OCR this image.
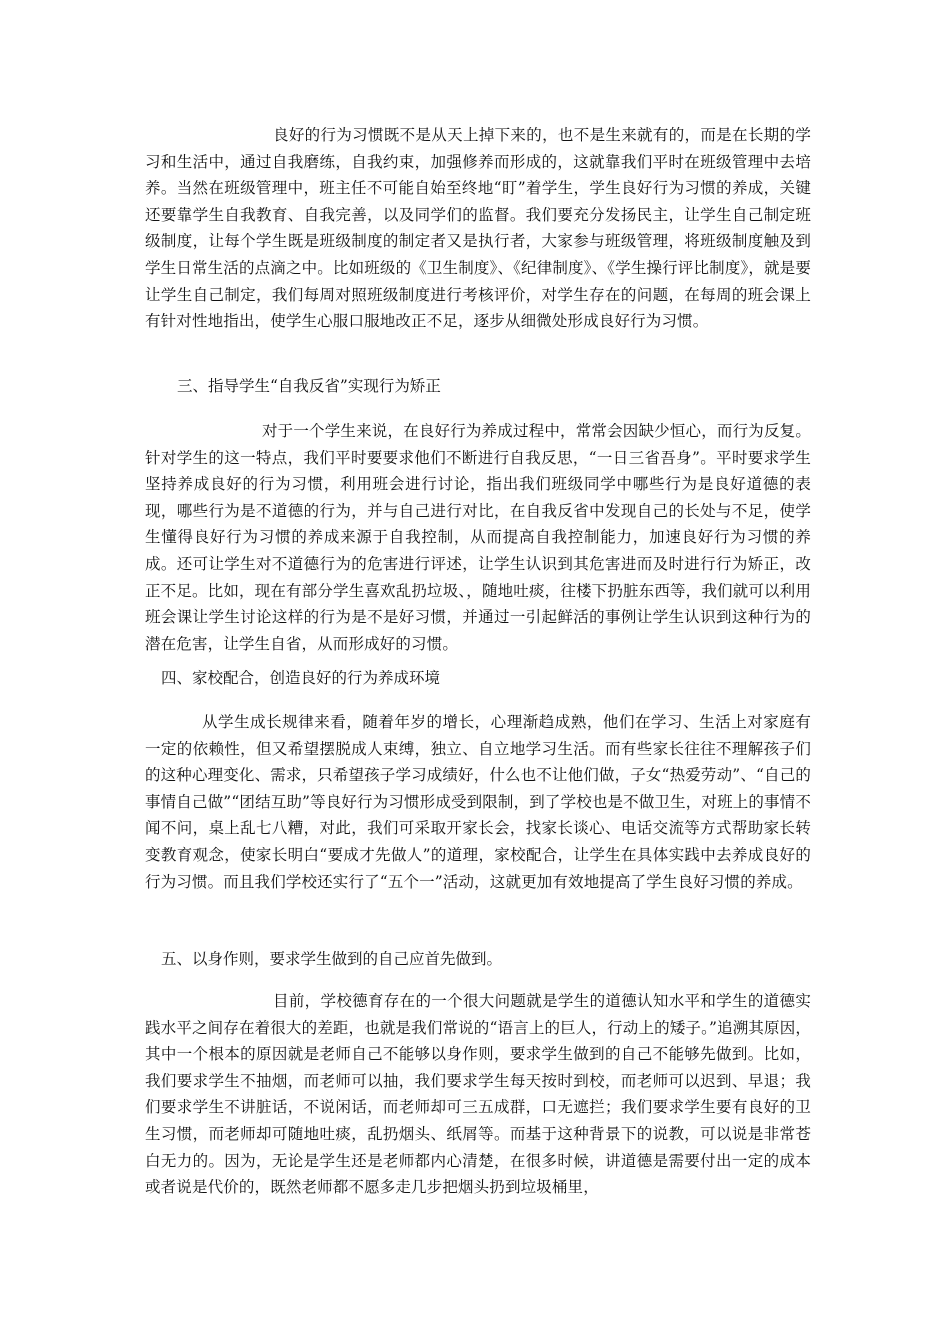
良好的行为习惯既不是从天上掉下来的，也不是生来就有的，而是在长期的学习和生活中，通过自我磨练，自我约束，加强修养而形成的，这就靠我们平时在班级管理中去培养。当然在班级管理中，班主任不可能自始至终地“盯”着学生，学生良好行为习惯的养成，关键还要靠学生自我教育、自我完善，以及同学们的监督。我们要充分发扬民主，让学生自己制定班级制度，让每个学生既是班级制度的制定者又是执行者，大家参与班级管理，将班级制度触及到学生日常生活的点滴之中。比如班级的《卫生制度》、《纪律制度》、《学生操行评比制度》，就是要让学生自己制定，我们每周对照班级制度进行考核评价，对学生存在的问题，在每周的班会课上有针对性地指出，使学生心服口服地改正不足，逐步从细微处形成良好行为习惯。

三、指导学生“自我反省”实现行为矫正

对于一个学生来说，在良好行为养成过程中，常常会因缺少恒心，而行为反复。针对学生的这一特点，我们平时要要求他们不断进行自我反思，“一日三省吾身”。平时要求学生坚持养成良好的行为习惯，利用班会进行讨论，指出我们班级同学中哪些行为是良好道德的表现，哪些行为是不道德的行为，并与自己进行对比，在自我反省中发现自己的长处与不足，使学生懂得良好行为习惯的养成来源于自我控制，从而提高自我控制能力，加速良好行为习惯的养成。还可让学生对不道德行为的危害进行评述，让学生认识到其危害进而及时进行行为矫正，改正不足。比如，现在有部分学生喜欢乱扔垃圾、，随地吐痰，往楼下扔脏东西等，我们就可以利用班会课让学生讨论这样的行为是不是好习惯，并通过一引起鲜活的事例让学生认识到这种行为的潜在危害，让学生自省，从而形成好的习惯。

四、家校配合，创造良好的行为养成环境

从学生成长规律来看，随着年岁的增长，心理渐趋成熟，他们在学习、生活上对家庭有一定的依赖性，但又希望摆脱成人束缚，独立、自立地学习生活。而有些家长往往不理解孩子们的这种心理变化、需求，只希望孩子学习成绩好，什么也不让他们做，子女“热爱劳动”、“自己的事情自己做”“团结互助”等良好行为习惯形成受到限制，到了学校也是不做卫生，对班上的事情不闻不问，桌上乱七八糟，对此，我们可采取开家长会，找家长谈心、电话交流等方式帮助家长转变教育观念，使家长明白“要成才先做人”的道理，家校配合，让学生在具体实践中去养成良好的行为习惯。而且我们学校还实行了“五个一”活动，这就更加有效地提高了学生良好习惯的养成。

五、以身作则，要求学生做到的自己应首先做到。

目前，学校德育存在的一个很大问题就是学生的道德认知水平和学生的道德实践水平之间存在着很大的差距，也就是我们常说的“语言上的巨人，行动上的矮子。”追溯其原因，其中一个根本的原因就是老师自己不能够以身作则，要求学生做到的自己不能够先做到。比如，我们要求学生不抽烟，而老师可以抽，我们要求学生每天按时到校，而老师可以迟到、早退；我们要求学生不讲脏话，不说闲话，而老师却可三五成群，口无遮拦；我们要求学生要有良好的卫生习惯，而老师却可随地吐痰，乱扔烟头、纸屑等。而基于这种背景下的说教，可以说是非常苍白无力的。因为，无论是学生还是老师都内心清楚，在很多时候，讲道德是需要付出一定的成本或者说是代价的，既然老师都不愿多走几步把烟头扔到垃圾桶里，
